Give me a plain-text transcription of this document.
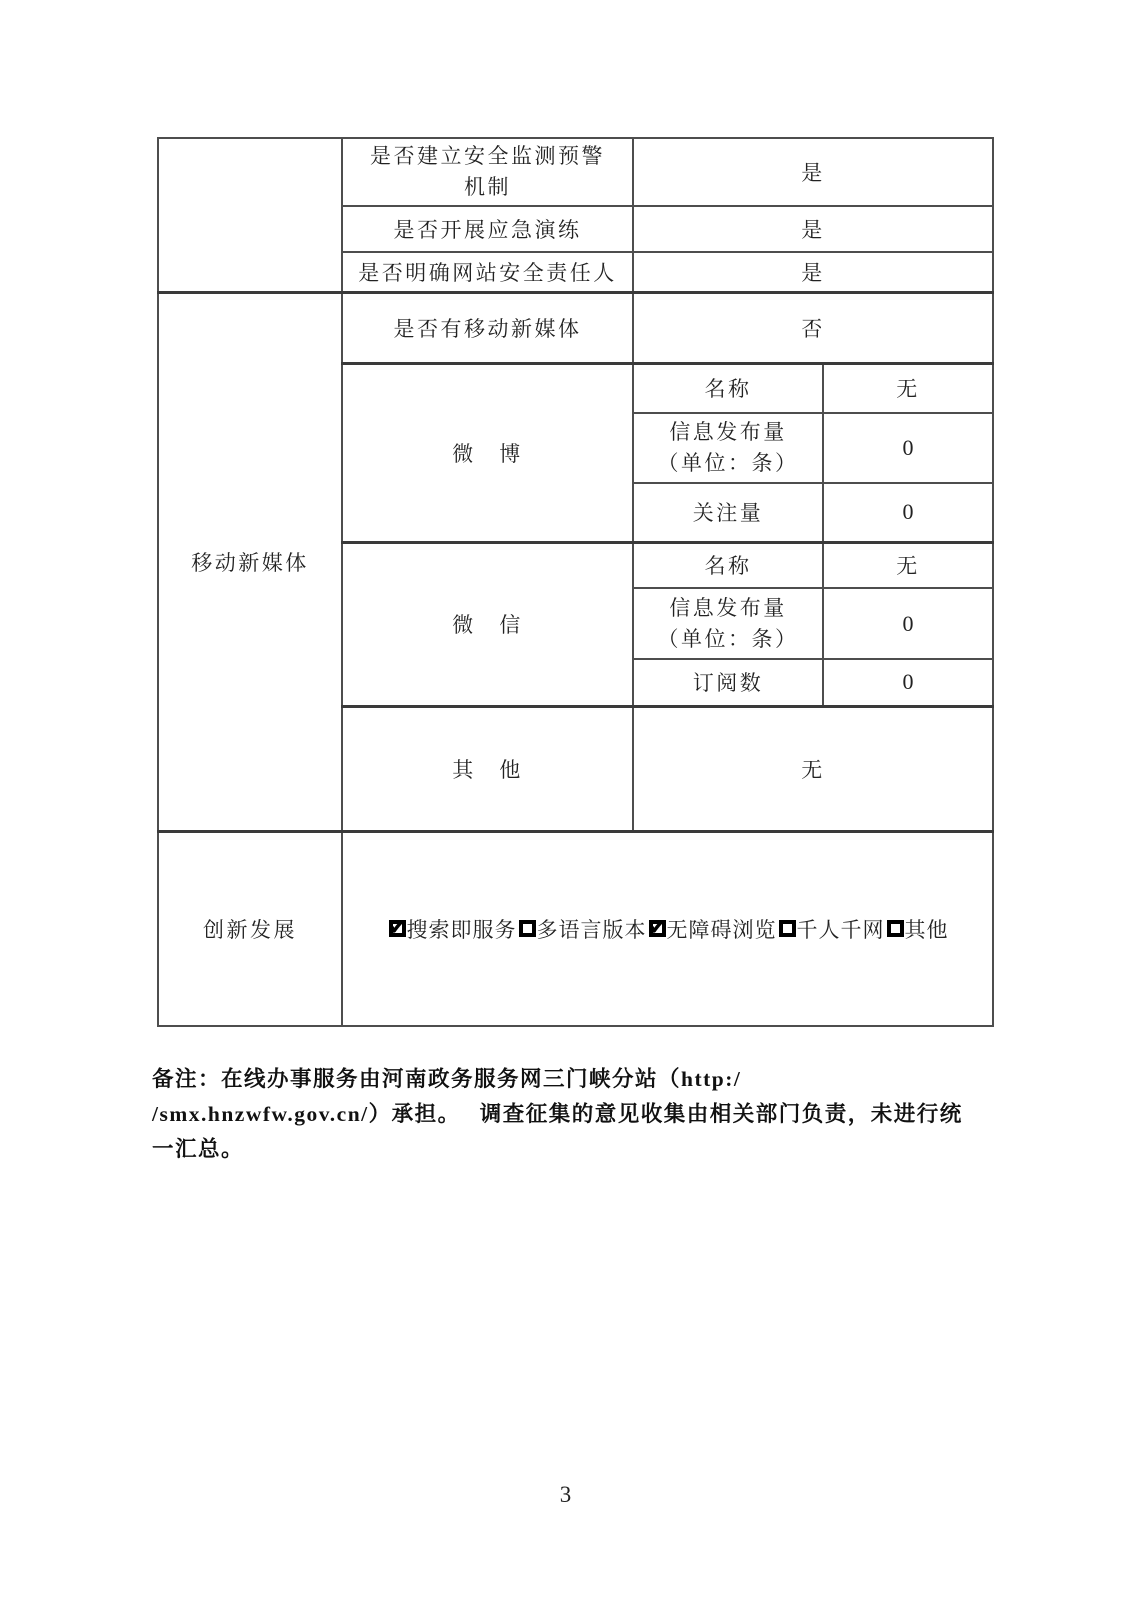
	是否建立安全监测预警
机制	是	
	是否开展应急演练	是	
	是否明确网站安全责任人	是	
移动新媒体	是否有移动新媒体	否	
	微　博	名称	无

		信息发布量
（单位：条）	0
		关注量	0
	微　信	名称	无

		信息发布量
（单位：条）	0
		订阅数	0
	其　他	无	
创新发展	✔ 搜索即服务 多语言版本 ✔ 无障碍浏览 千人千网 其他

备注：在线办事服务由河南政务服务网三门峡分站（http:/

/smx.hnzwfw.gov.cn/）承担。　 调查征集的意见收集由相关部门负责，未进行统

一汇总。

3
